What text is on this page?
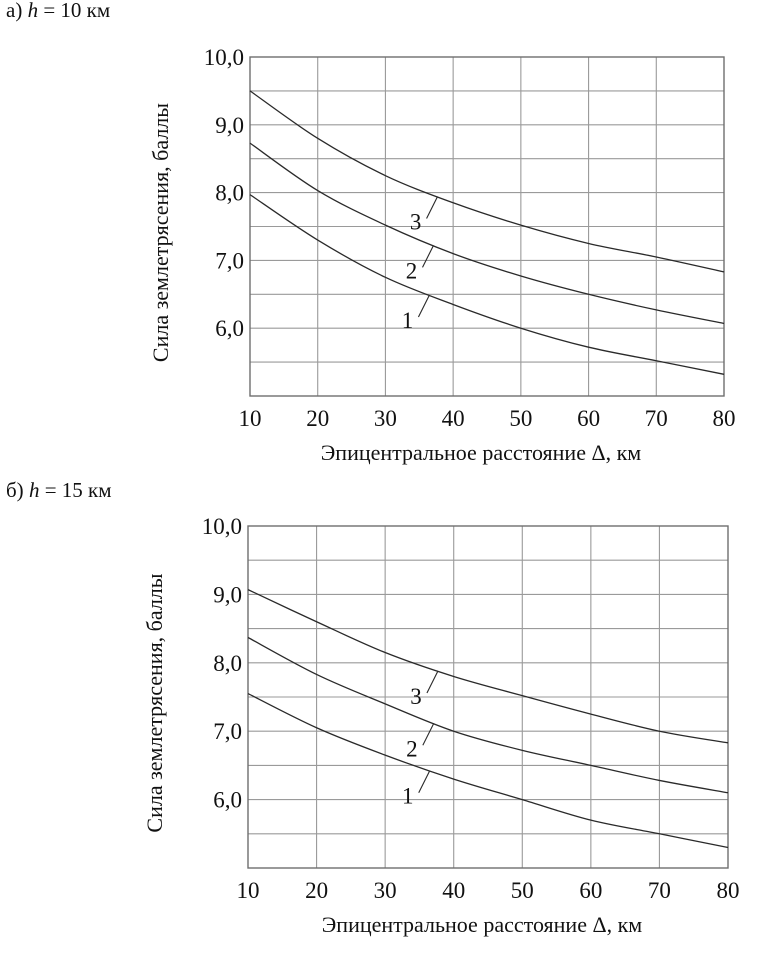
а) h = 10 км
10,0
9,0
8,0
7,0
6,0
10 20 30 40 50 60 70 80
Эпицентральное расстояние Δ, км
Сила землетрясения, баллы	1
2
3
б) h = 15 км
10,0
9,0
8,0
7,0
6,0
10 20 30 40 50 60 70 80
Эпицентральное расстояние Δ, км
Сила землетрясения, баллы	1
2
3
